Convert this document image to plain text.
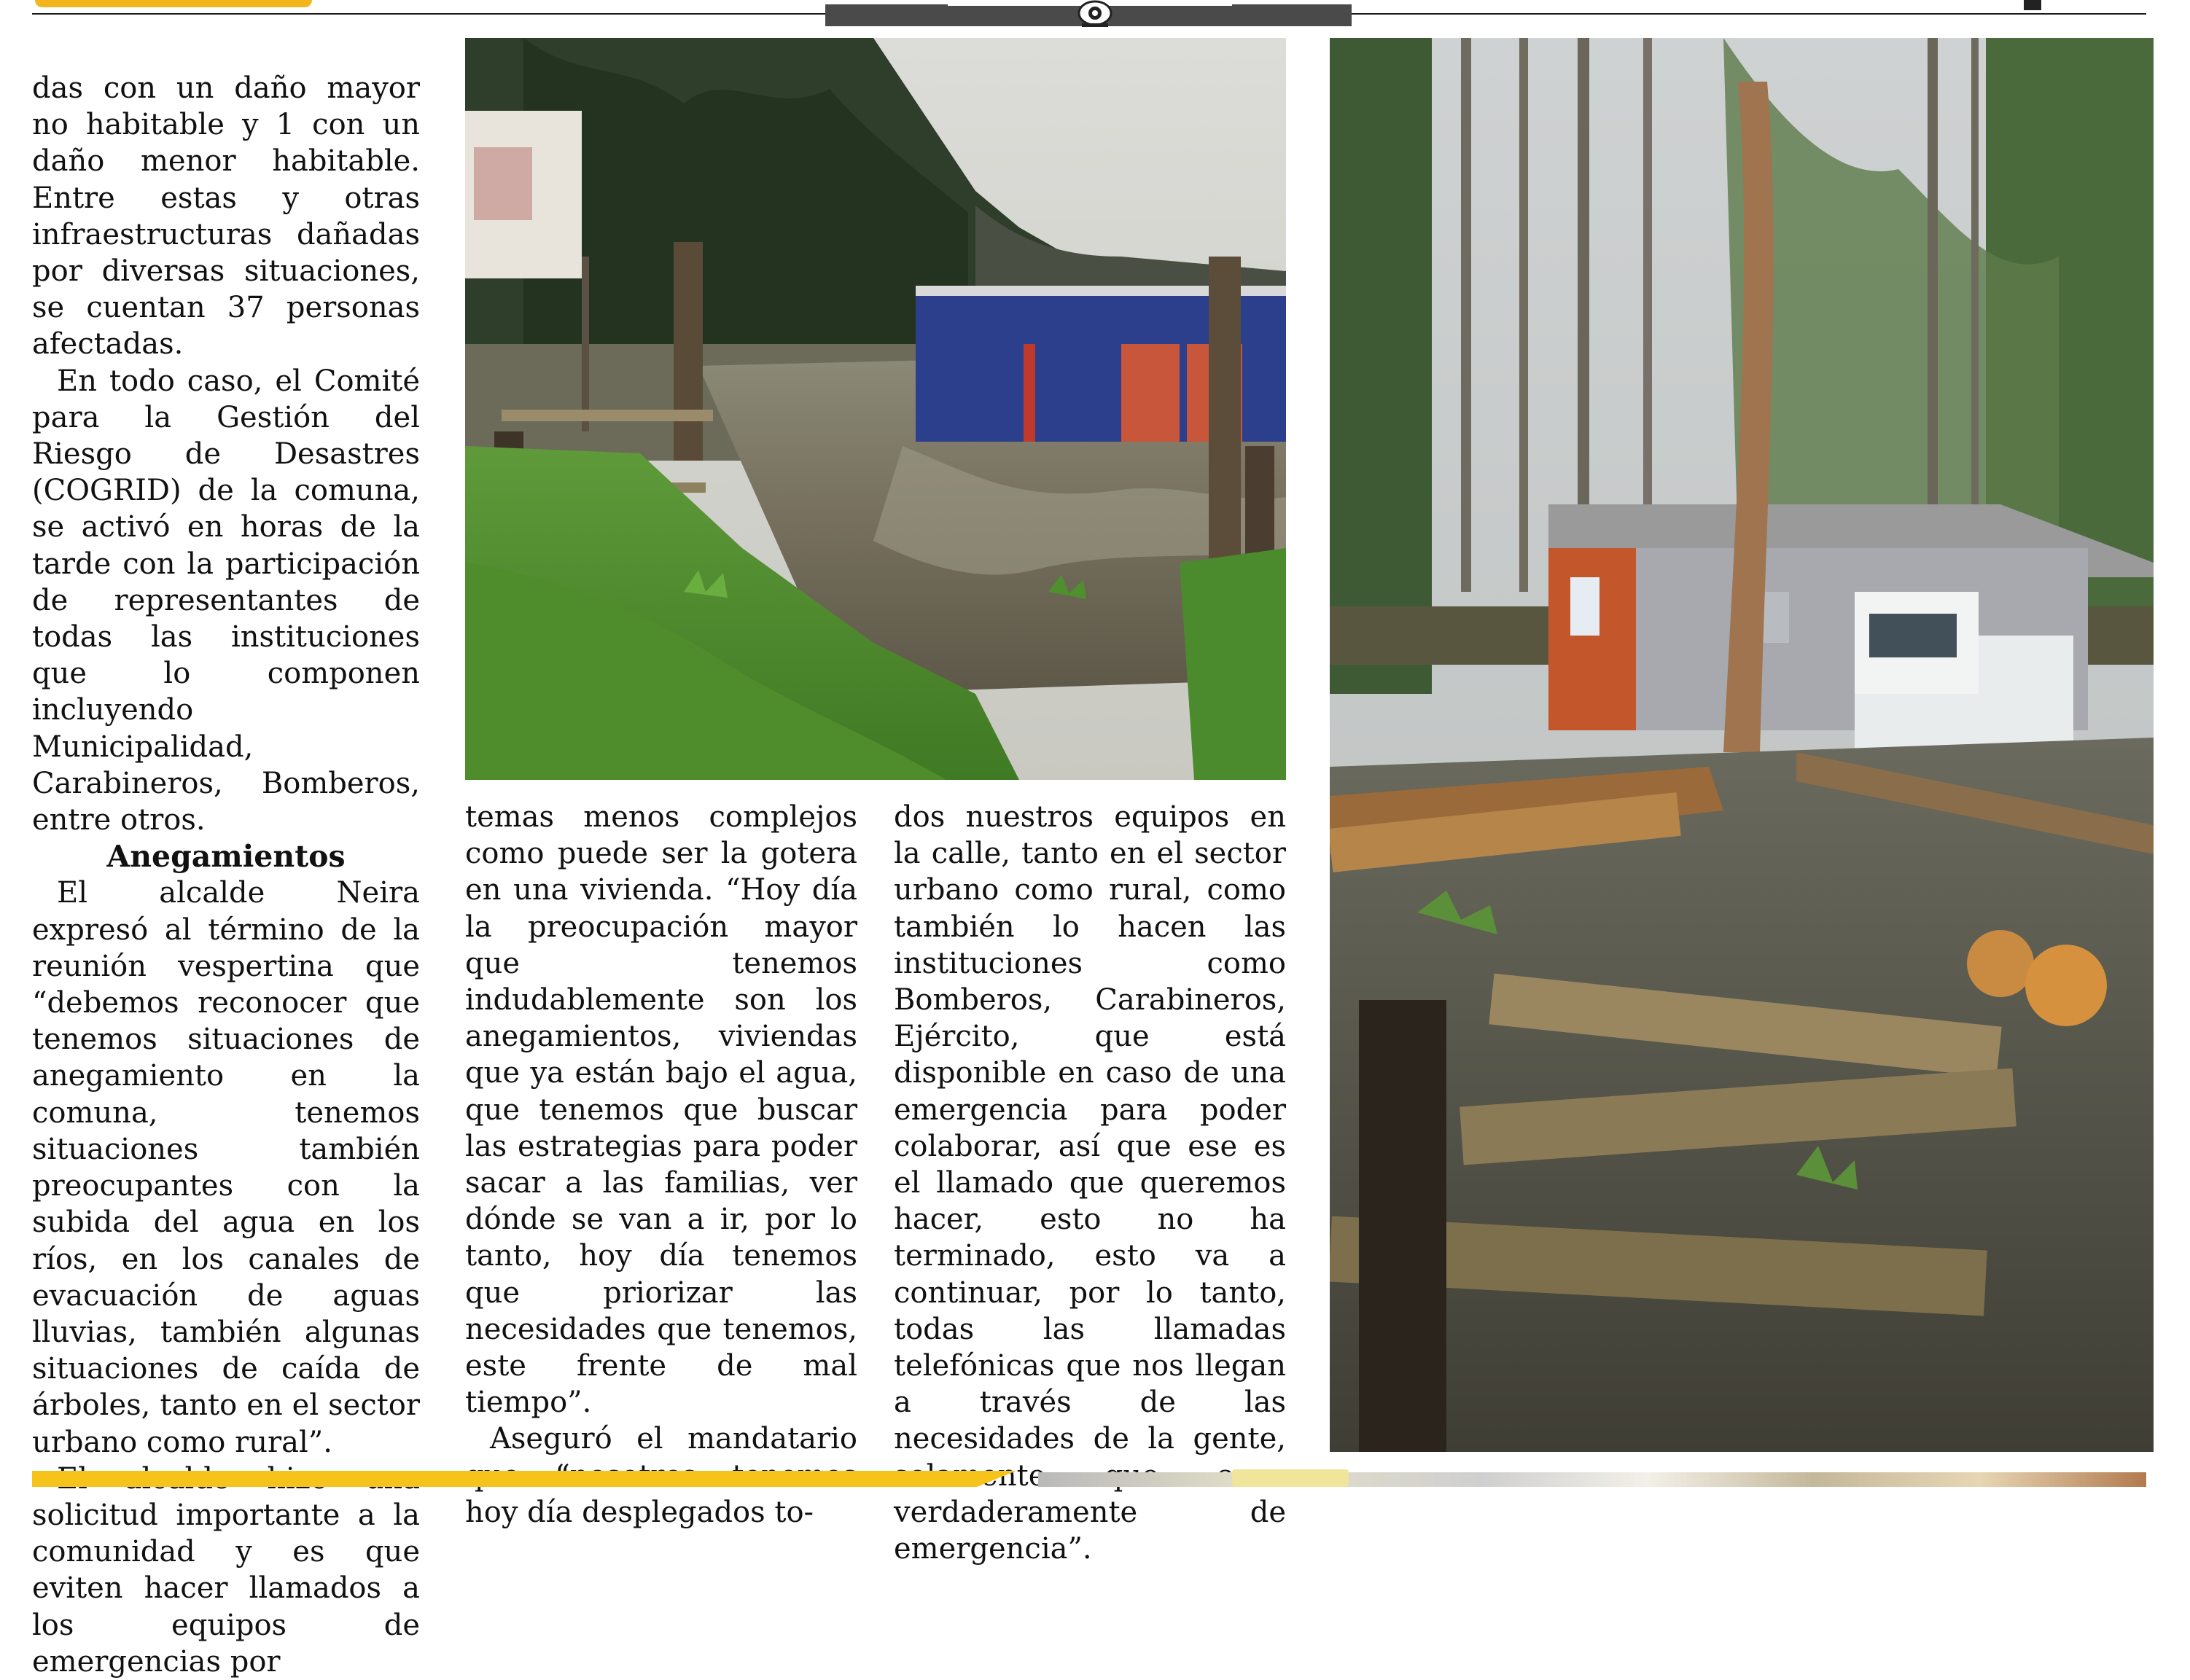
das con un daño mayor no habitable y 1 con un daño menor habitable. Entre estas y otras infraestructuras dañadas por diversas situaciones, se cuentan 37 personas afectadas.

En todo caso, el Comité para la Gestión del Riesgo de Desastres (COGRID) de la comuna, se activó en horas de la tarde con la participación de representantes de todas las instituciones que lo componen incluyendo Municipalidad, Carabineros, Bomberos, entre otros.

Anegamientos

El alcalde Neira expresó al término de la reunión vespertina que “debemos reconocer que tenemos situaciones de anegamiento en la comuna, tenemos situaciones también preocupantes con la subida del agua en los ríos, en los canales de evacuación de aguas lluvias, también algunas situaciones de caída de árboles, tanto en el sector urbano como rural”.

solicitud importante a la comunidad y es que eviten hacer llamados a los equipos de emergencias por

temas menos complejos como puede ser la gotera en una vivienda. “Hoy día la preocupación mayor que tenemos indudablemente son los anegamientos, viviendas que ya están bajo el agua, que tenemos que buscar las estrategias para poder sacar a las familias, ver dónde se van a ir, por lo tanto, hoy día tenemos que priorizar las necesidades que tenemos, este frente de mal tiempo”.

Aseguró el mandatario hoy día desplegados to-

dos nuestros equipos en la calle, tanto en el sector urbano como rural, como también lo hacen las instituciones como Bomberos, Carabineros, Ejército, que está disponible en caso de una emergencia para poder colaborar, así que ese es el llamado que queremos hacer, esto no ha terminado, esto va a continuar, por lo tanto, todas las llamadas telefónicas que nos llegan a través de las necesidades de la gente, verdaderamente de emergencia”.
